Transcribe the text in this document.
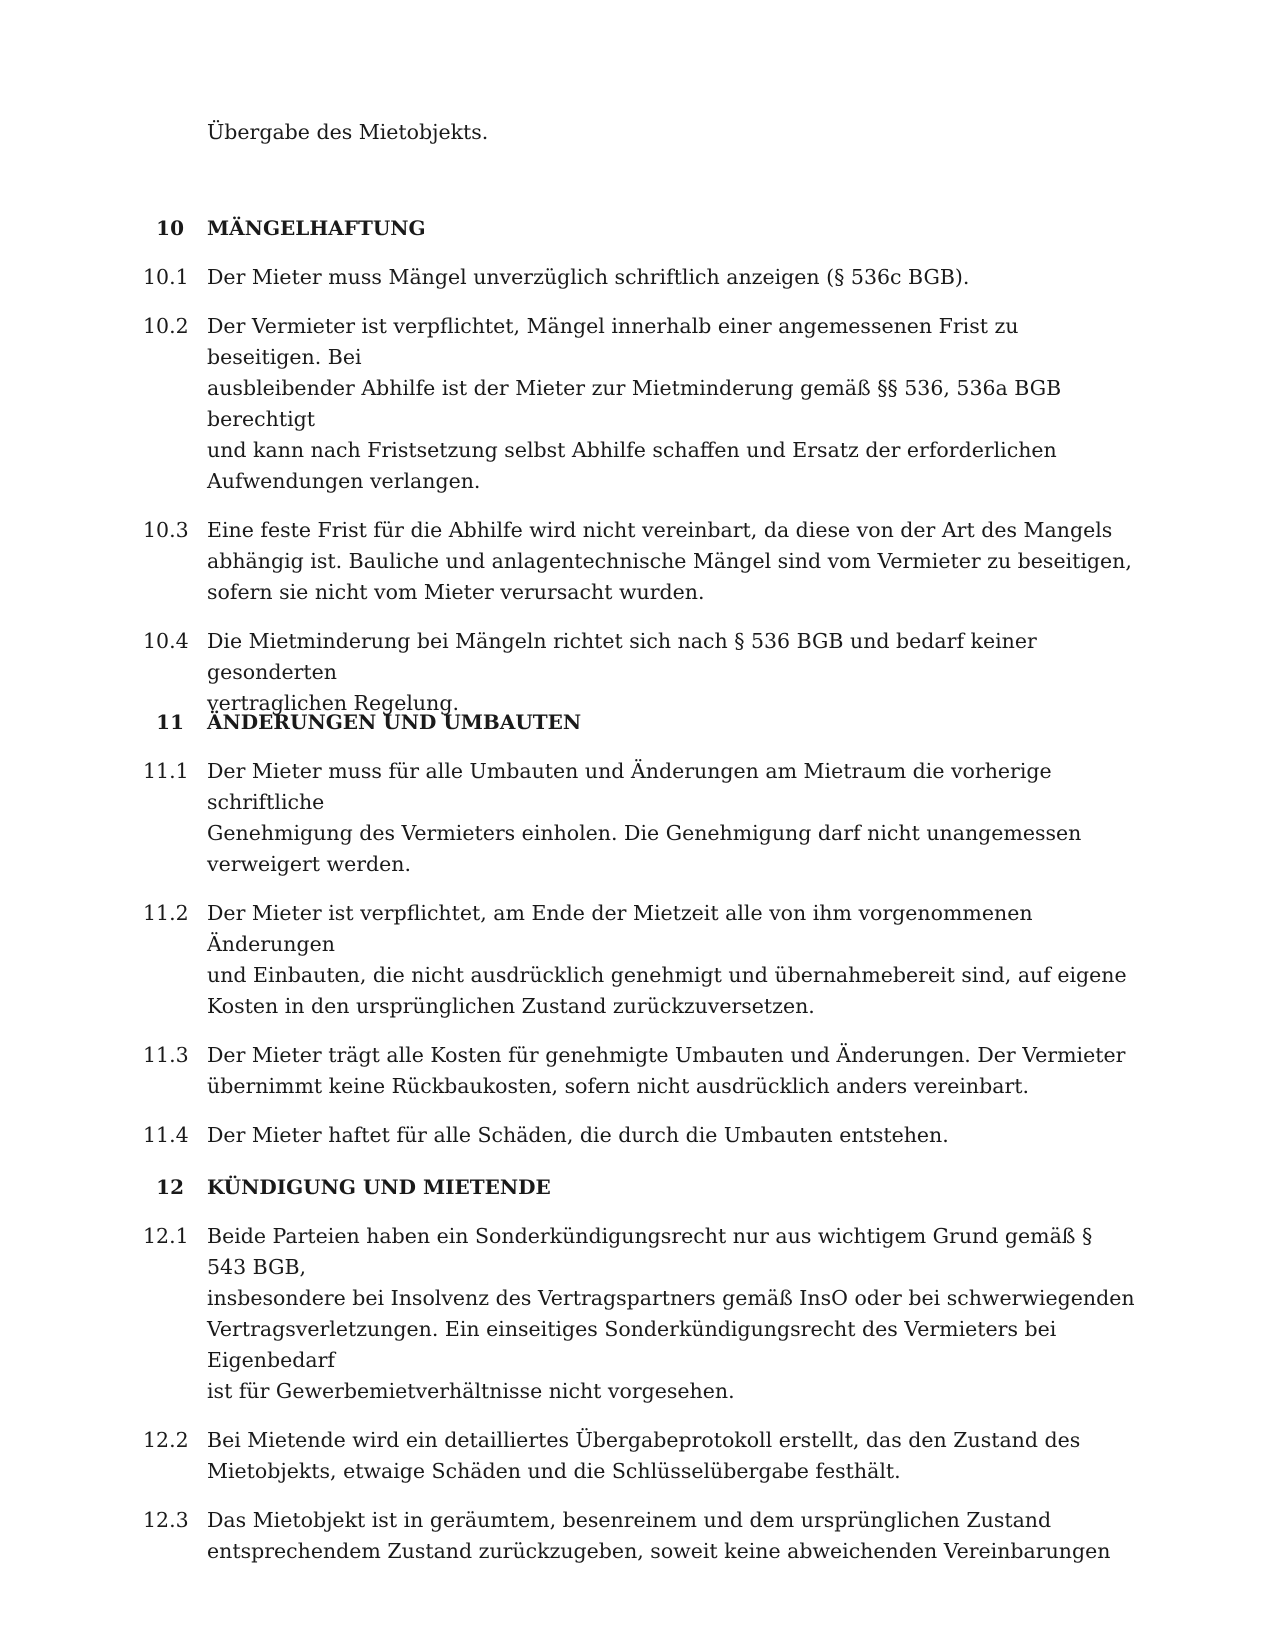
Übergabe des Mietobjekts.

10 MÄNGELHAFTUNG
10.1 Der Mieter muss Mängel unverzüglich schriftlich anzeigen (§ 536c BGB).
10.2 Der Vermieter ist verpflichtet, Mängel innerhalb einer angemessenen Frist zu beseitigen. Bei
ausbleibender Abhilfe ist der Mieter zur Mietminderung gemäß §§ 536, 536a BGB berechtigt
und kann nach Fristsetzung selbst Abhilfe schaffen und Ersatz der erforderlichen
Aufwendungen verlangen.
10.3 Eine feste Frist für die Abhilfe wird nicht vereinbart, da diese von der Art des Mangels
abhängig ist. Bauliche und anlagentechnische Mängel sind vom Vermieter zu beseitigen,
sofern sie nicht vom Mieter verursacht wurden.
10.4 Die Mietminderung bei Mängeln richtet sich nach § 536 BGB und bedarf keiner gesonderten
vertraglichen Regelung.
11 ÄNDERUNGEN UND UMBAUTEN
11.1 Der Mieter muss für alle Umbauten und Änderungen am Mietraum die vorherige schriftliche
Genehmigung des Vermieters einholen. Die Genehmigung darf nicht unangemessen
verweigert werden.
11.2 Der Mieter ist verpflichtet, am Ende der Mietzeit alle von ihm vorgenommenen Änderungen
und Einbauten, die nicht ausdrücklich genehmigt und übernahmebereit sind, auf eigene
Kosten in den ursprünglichen Zustand zurückzuversetzen.
11.3 Der Mieter trägt alle Kosten für genehmigte Umbauten und Änderungen. Der Vermieter
übernimmt keine Rückbaukosten, sofern nicht ausdrücklich anders vereinbart.
11.4 Der Mieter haftet für alle Schäden, die durch die Umbauten entstehen.
12 KÜNDIGUNG UND MIETENDE
12.1 Beide Parteien haben ein Sonderkündigungsrecht nur aus wichtigem Grund gemäß § 543 BGB,
insbesondere bei Insolvenz des Vertragspartners gemäß InsO oder bei schwerwiegenden
Vertragsverletzungen. Ein einseitiges Sonderkündigungsrecht des Vermieters bei Eigenbedarf
ist für Gewerbemietverhältnisse nicht vorgesehen.
12.2 Bei Mietende wird ein detailliertes Übergabeprotokoll erstellt, das den Zustand des
Mietobjekts, etwaige Schäden und die Schlüsselübergabe festhält.
12.3 Das Mietobjekt ist in geräumtem, besenreinem und dem ursprünglichen Zustand
entsprechendem Zustand zurückzugeben, soweit keine abweichenden Vereinbarungen
